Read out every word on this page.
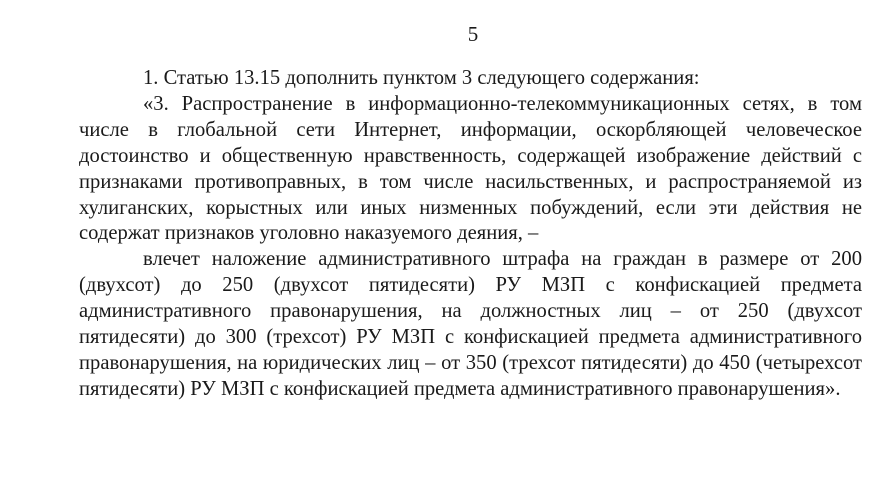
5

1. Статью 13.15 дополнить пунктом 3 следующего содержания:

«3. Распространение в информационно-телекоммуникационных сетях, в том числе в глобальной сети Интернет, информации, оскорбляющей человеческое достоинство и общественную нравственность, содержащей изображение действий с признаками противоправных, в том числе насильственных, и распространяемой из хулиганских, корыстных или иных низменных побуждений, если эти действия не содержат признаков уголовно наказуемого деяния, –

влечет наложение административного штрафа на граждан в размере от 200 (двухсот) до 250 (двухсот пятидесяти) РУ МЗП с конфискацией предмета административного правонарушения, на должностных лиц – от 250 (двухсот пятидесяти) до 300 (трехсот) РУ МЗП с конфискацией предмета административного правонарушения, на юридических лиц – от 350 (трехсот пятидесяти) до 450 (четырехсот пятидесяти) РУ МЗП с конфискацией предмета административного правонарушения».
